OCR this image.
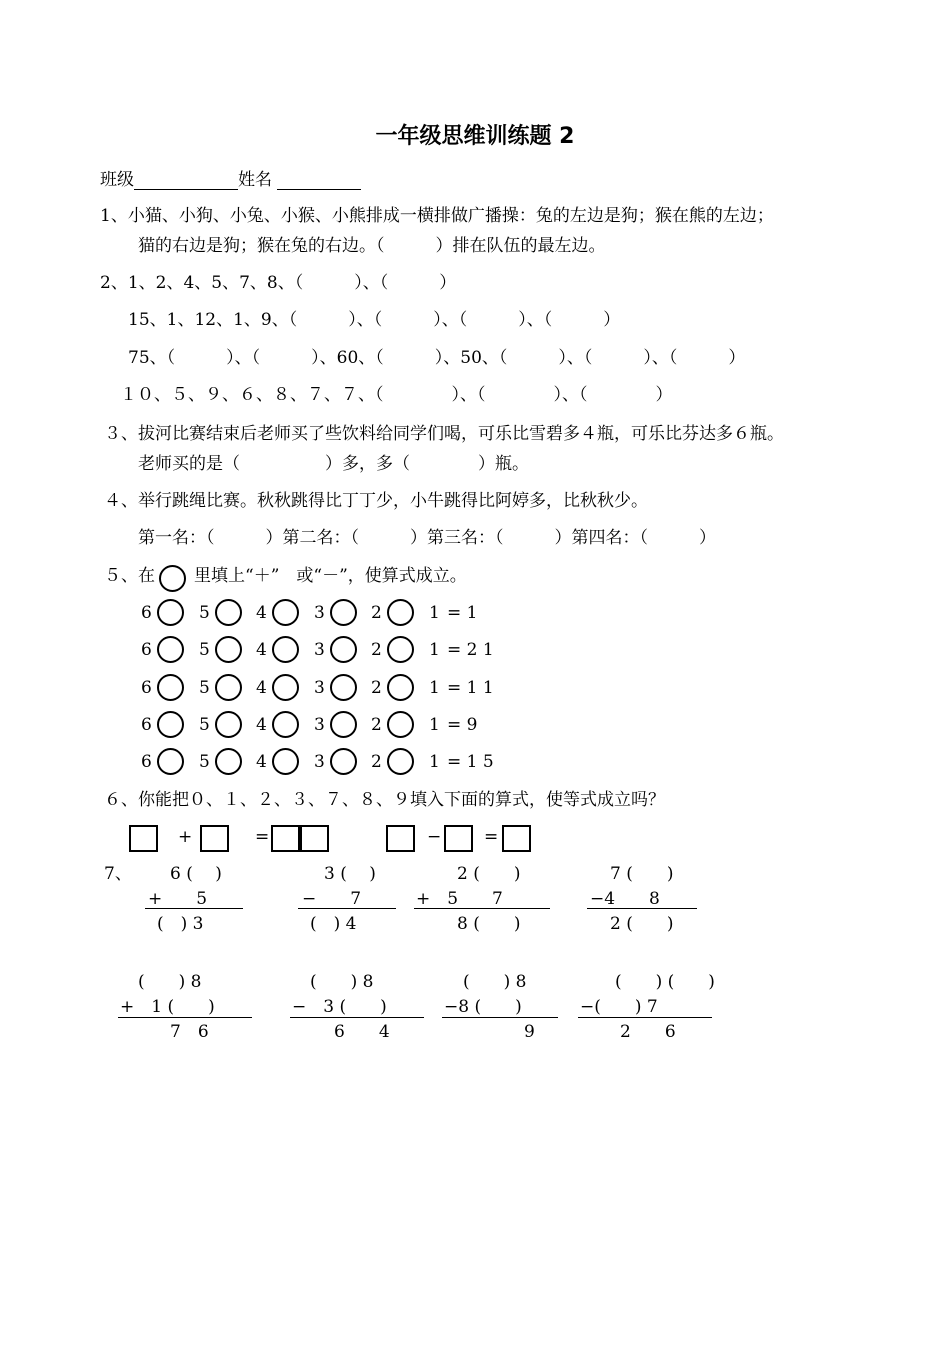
一年级思维训练题 2
班级	姓名
1、小猫、小狗、小兔、小猴、小熊排成一横排做广播操：兔的左边是狗；猴在熊的左边；
猫的右边是狗；猴在兔的右边。（　　　）排在队伍的最左边。
2、1、2、4、5、7、8、（　　　）、（　　　）
15、1、12、1、9、（　　　）、（　　　）、（　　　）、（　　　）
75、（　　　）、（　　　）、60、（　　　）、50、（　　　）、（　　　）、（　　　）
１０、５、９、６、８、７、７、（　　　　）、（　　　　）、（　　　　）
３、拔河比赛结束后老师买了些饮料给同学们喝，可乐比雪碧多４瓶，可乐比芬达多６瓶。
老师买的是（　　　　　）多，多（　　　　）瓶。
４、举行跳绳比赛。秋秋跳得比丁丁少，小牛跳得比阿婷多，比秋秋少。
第一名：（　　　）第二名：（　　　）第三名：（　　　）第四名：（　　　）
５、在 里填上“＋”　或“－”，使算式成立。
6	5	4	3	2	1 = 1
6	5	4	3	2	1 = 2 1
6	5	4	3	2	1 = 1 1
6	5	4	3	2	1 = 9
6	5	4	3	2	1 = 1 5
６、你能把０、１、２、３、７、８、９填入下面的算式，使等式成立吗？
+	=	−	=
7、 6 (　 )
+　　5
(　) 3
3 (　 )
−　　7
(　) 4
2 (　　)
+　5　　7
8 (　　)
7 (　　)
−4　　8
2 (　　)
(　　) 8
+　1 (　　)
7　6
(　　) 8
−　3 (　　)
6　　4
(　　) 8
−8 (　　)
9
(　　) (　　)
−(　　) 7
2　　6
